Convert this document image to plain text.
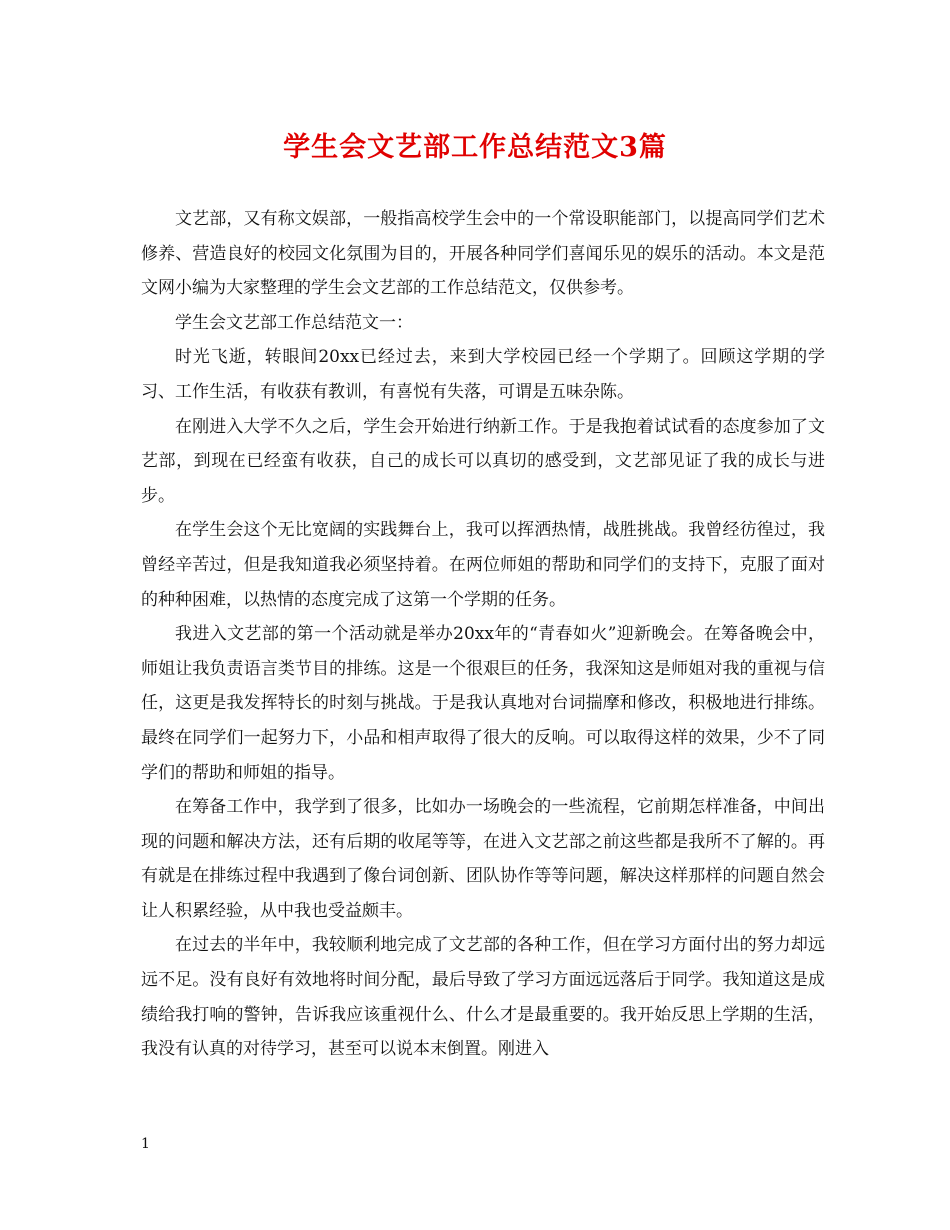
学生会文艺部工作总结范文3篇

文艺部，又有称文娱部，一般指高校学生会中的一个常设职能部门，以提高同学们艺术修养、营造良好的校园文化氛围为目的，开展各种同学们喜闻乐见的娱乐的活动。本文是范文网小编为大家整理的学生会文艺部的工作总结范文，仅供参考。

学生会文艺部工作总结范文一：

时光飞逝，转眼间20xx已经过去，来到大学校园已经一个学期了。回顾这学期的学习、工作生活，有收获有教训，有喜悦有失落，可谓是五味杂陈。

在刚进入大学不久之后，学生会开始进行纳新工作。于是我抱着试试看的态度参加了文艺部，到现在已经蛮有收获，自己的成长可以真切的感受到，文艺部见证了我的成长与进步。

在学生会这个无比宽阔的实践舞台上，我可以挥洒热情，战胜挑战。我曾经彷徨过，我曾经辛苦过，但是我知道我必须坚持着。在两位师姐的帮助和同学们的支持下，克服了面对的种种困难，以热情的态度完成了这第一个学期的任务。

我进入文艺部的第一个活动就是举办20xx年的“青春如火”迎新晚会。在筹备晚会中，师姐让我负责语言类节目的排练。这是一个很艰巨的任务，我深知这是师姐对我的重视与信任，这更是我发挥特长的时刻与挑战。于是我认真地对台词揣摩和修改，积极地进行排练。最终在同学们一起努力下，小品和相声取得了很大的反响。可以取得这样的效果，少不了同学们的帮助和师姐的指导。

在筹备工作中，我学到了很多，比如办一场晚会的一些流程，它前期怎样准备，中间出现的问题和解决方法，还有后期的收尾等等，在进入文艺部之前这些都是我所不了解的。再有就是在排练过程中我遇到了像台词创新、团队协作等等问题，解决这样那样的问题自然会让人积累经验，从中我也受益颇丰。

在过去的半年中，我较顺利地完成了文艺部的各种工作，但在学习方面付出的努力却远远不足。没有良好有效地将时间分配，最后导致了学习方面远远落后于同学。我知道这是成绩给我打响的警钟，告诉我应该重视什么、什么才是最重要的。我开始反思上学期的生活，我没有认真的对待学习，甚至可以说本末倒置。刚进入

1
